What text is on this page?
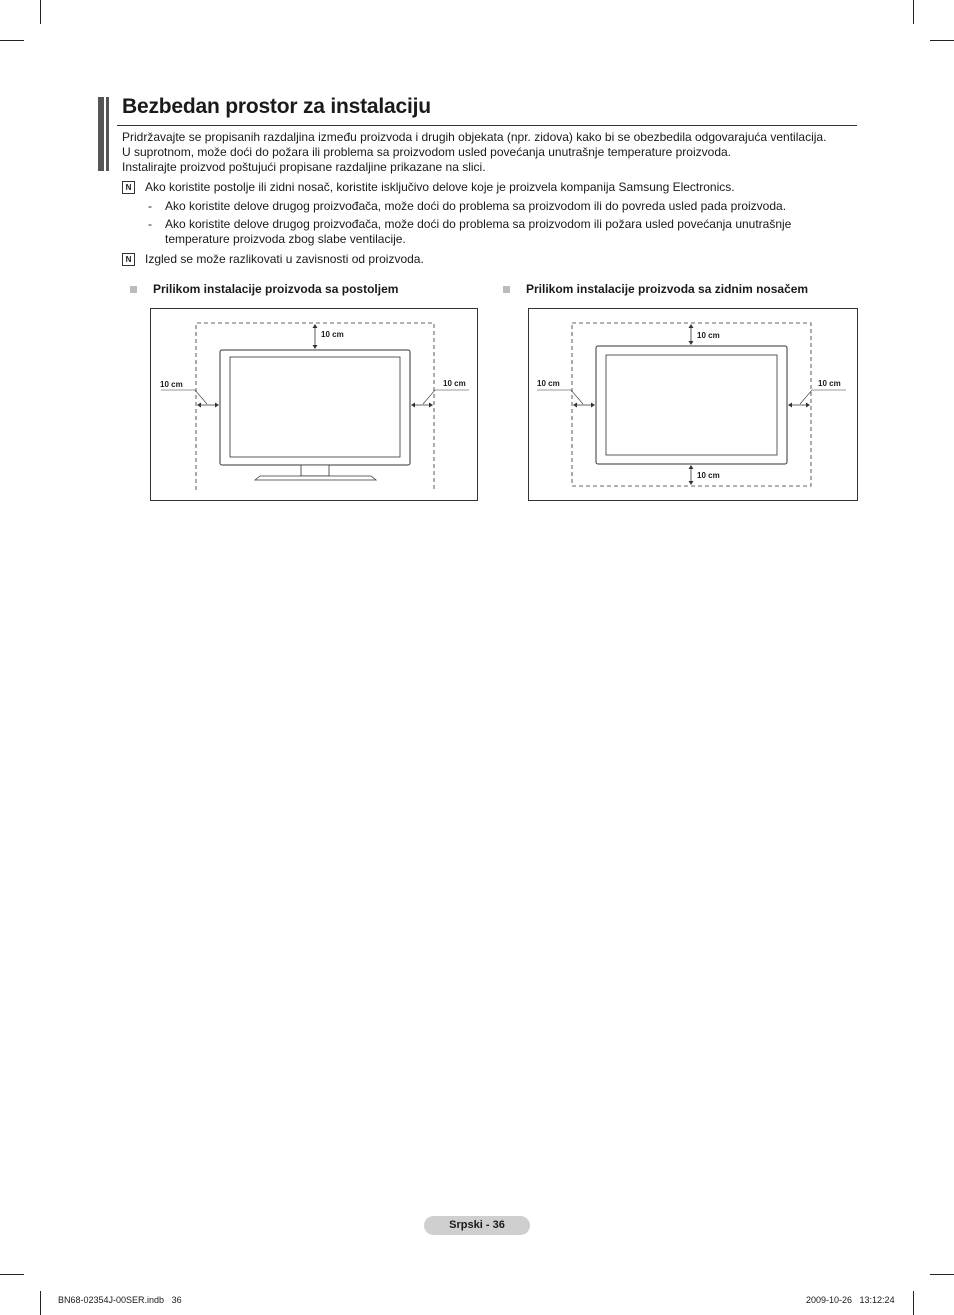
Bezbedan prostor za instalaciju

Pridržavajte se propisanih razdaljina između proizvoda i drugih objekata (npr. zidova) kako bi se obezbedila odgovarajuća ventilacija.

U suprotnom, može doći do požara ili problema sa proizvodom usled povećanja unutrašnje temperature proizvoda.

Instalirajte proizvod poštujući propisane razdaljine prikazane na slici.

N	Ako koristite postolje ili zidni nosač, koristite isključivo delove koje je proizvela kompanija Samsung Electronics.
- Ako koristite delove drugog proizvođača, može doći do problema sa proizvodom ili do povreda usled pada proizvoda.
- Ako koristite delove drugog proizvođača, može doći do problema sa proizvodom ili požara usled povećanja unutrašnje temperature proizvoda zbog slabe ventilacije.
N	Izgled se može razlikovati u zavisnosti od proizvoda.
Prilikom instalacije proizvoda sa postoljem	Prilikom instalacije proizvoda sa zidnim nosačem
10 cm
10 cm	10 cm
10 cm
10 cm	10 cm
10 cm
Srpski - 36
BN68-02354J-00SER.indb   36	2009-10-26   13:12:24
